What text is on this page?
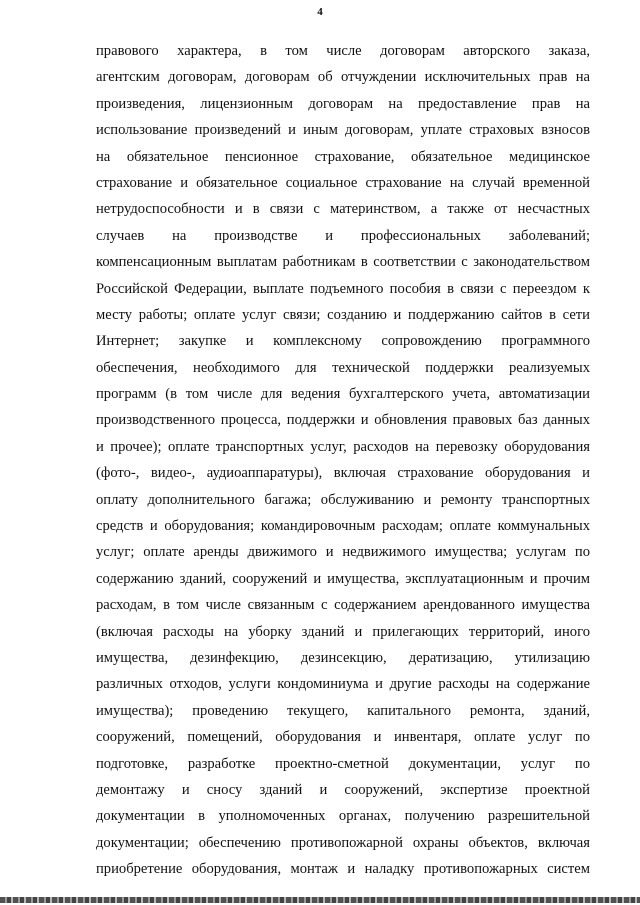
4
правового характера, в том числе договорам авторского заказа,
агентским договорам, договорам об отчуждении исключительных прав на
произведения, лицензионным договорам на предоставление прав на
использование произведений и иным договорам, уплате страховых взносов
на обязательное пенсионное страхование, обязательное медицинское
страхование и обязательное социальное страхование на случай временной
нетрудоспособности и в связи с материнством, а также от несчастных
случаев на производстве и профессиональных заболеваний;
компенсационным выплатам работникам в соответствии с законодательством
Российской Федерации, выплате подъемного пособия в связи с переездом к
месту работы; оплате услуг связи; созданию и поддержанию сайтов в сети
Интернет; закупке и комплексному сопровождению программного
обеспечения, необходимого для технической поддержки реализуемых
программ (в том числе для ведения бухгалтерского учета, автоматизации
производственного процесса, поддержки и обновления правовых баз данных
и прочее); оплате транспортных услуг, расходов на перевозку оборудования
(фото-, видео-, аудиоаппаратуры), включая страхование оборудования и
оплату дополнительного багажа; обслуживанию и ремонту транспортных
средств и оборудования; командировочным расходам; оплате коммунальных
услуг; оплате аренды движимого и недвижимого имущества; услугам по
содержанию зданий, сооружений и имущества, эксплуатационным и прочим
расходам, в том числе связанным с содержанием арендованного имущества
(включая расходы на уборку зданий и прилегающих территорий, иного
имущества, дезинфекцию, дезинсекцию, дератизацию, утилизацию
различных отходов, услуги кондоминиума и другие расходы на содержание
имущества); проведению текущего, капитального ремонта, зданий,
сооружений, помещений, оборудования и инвентаря, оплате услуг по
подготовке, разработке проектно-сметной документации, услуг по
демонтажу и сносу зданий и сооружений, экспертизе проектной
документации в уполномоченных органах, получению разрешительной
документации; обеспечению противопожарной охраны объектов, включая
приобретение оборудования, монтаж и наладку противопожарных систем
